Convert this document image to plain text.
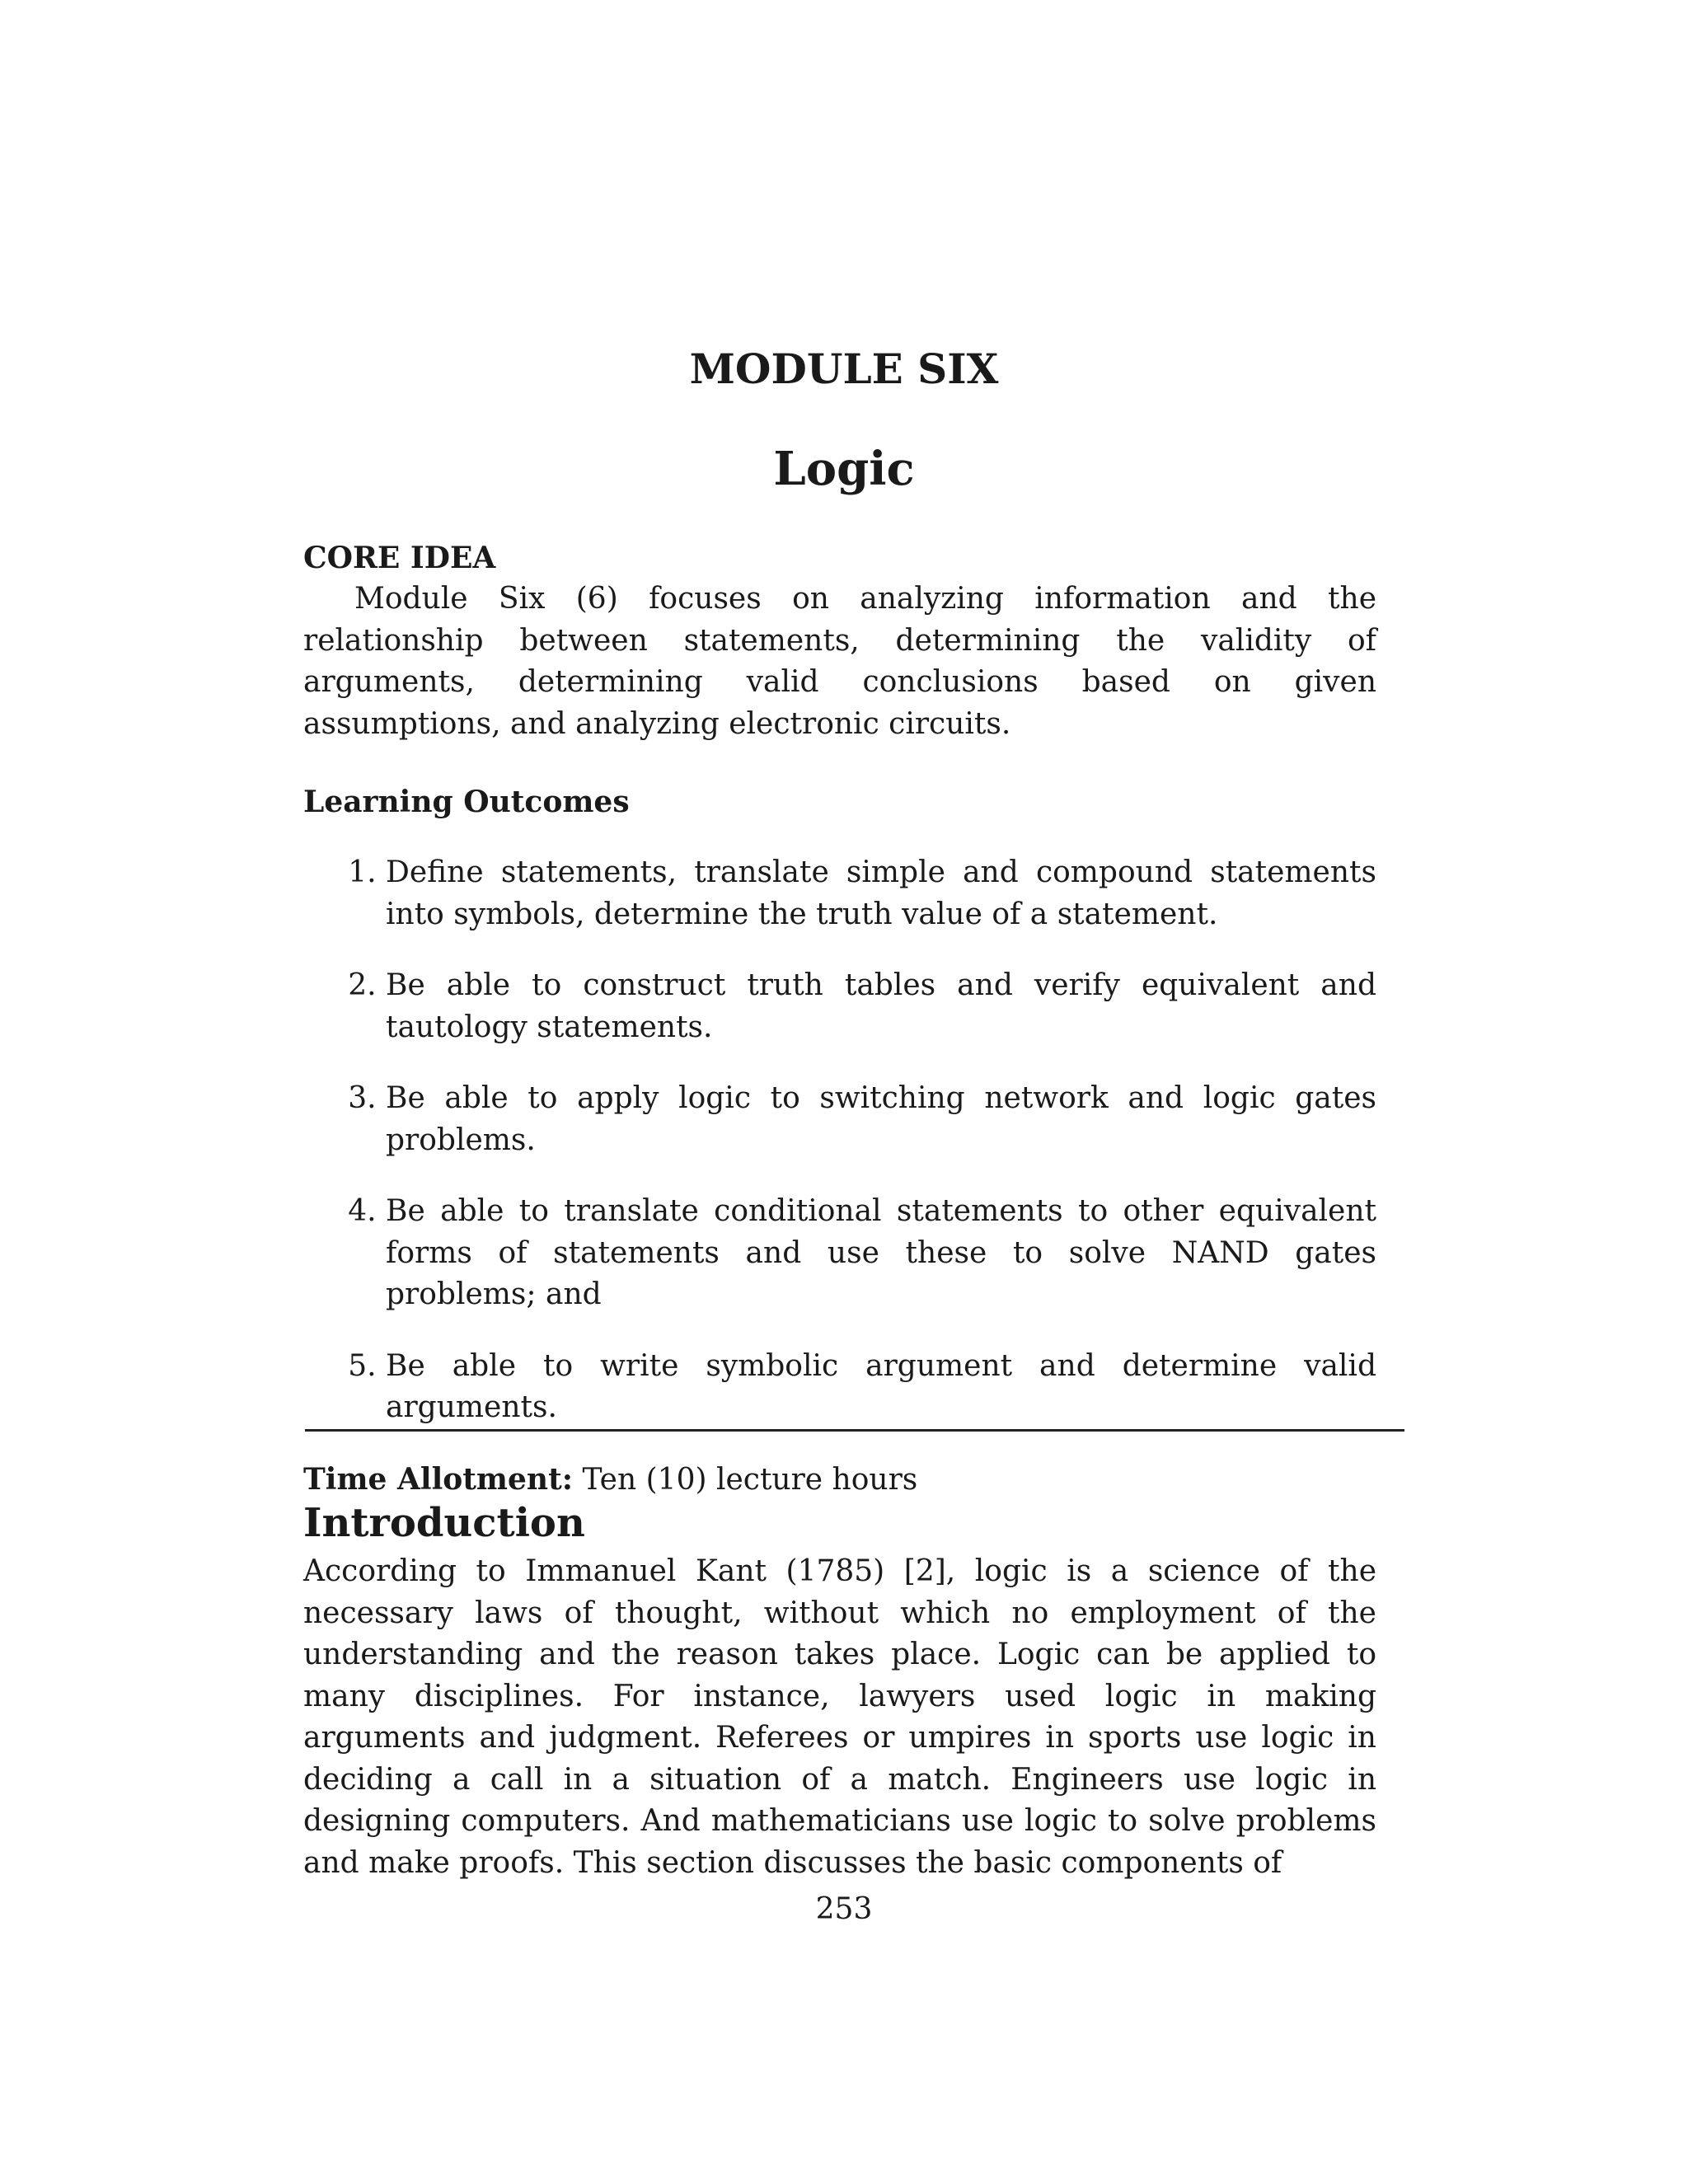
MODULE SIX
Logic

CORE IDEA

Module Six (6) focuses on analyzing information and the relationship between statements, determining the validity of arguments, determining valid conclusions based on given assumptions, and analyzing electronic circuits.

Learning Outcomes

1. Define statements, translate simple and compound statements into symbols, determine the truth value of a statement.
2. Be able to construct truth tables and verify equivalent and tautology statements.
3. Be able to apply logic to switching network and logic gates problems.
4. Be able to translate conditional statements to other equivalent forms of statements and use these to solve NAND gates problems; and
5. Be able to write symbolic argument and determine valid arguments.

Time Allotment: Ten (10) lecture hours

Introduction

According to Immanuel Kant (1785) [2], logic is a science of the necessary laws of thought, without which no employment of the understanding and the reason takes place. Logic can be applied to many disciplines. For instance, lawyers used logic in making arguments and judgment. Referees or umpires in sports use logic in deciding a call in a situation of a match. Engineers use logic in designing computers. And mathematicians use logic to solve problems and make proofs. This section discusses the basic components of

253
